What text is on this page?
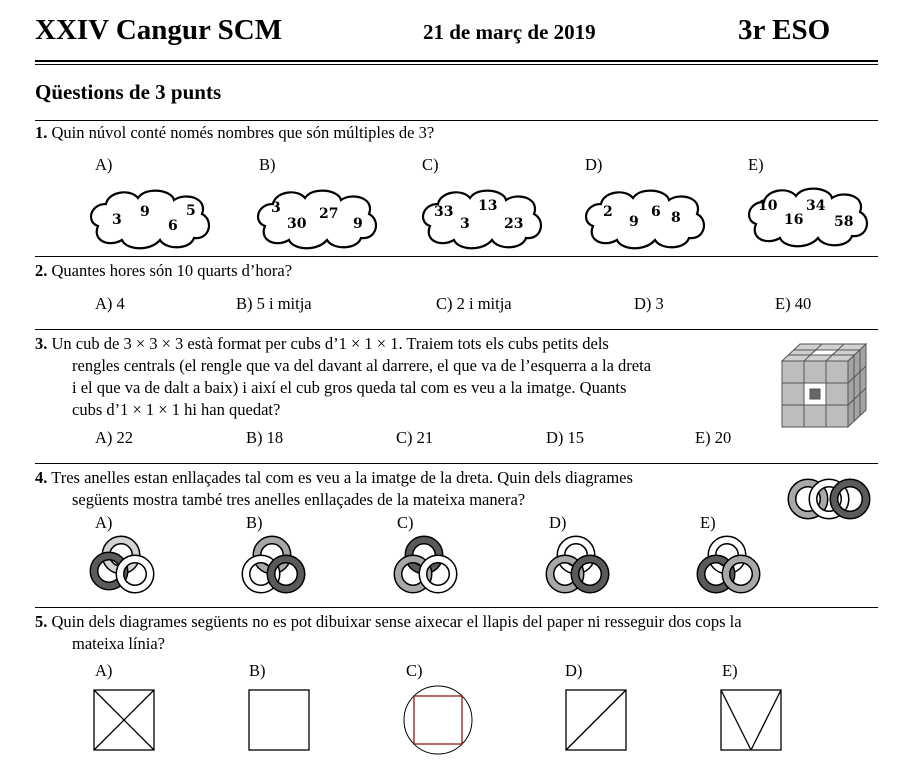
XXIV Cangur SCM	21 de març de 2019	3r ESO
Qüestions de 3 punts
1. Quin núvol conté només nombres que són múltiples de 3?
A)	B)	C)	D)	E)
3 9
6
5	3
30
27
9
33
3
13
23
2
9
6 8
10
16
34
58
2. Quantes hores són 10 quarts d’hora?
A) 4	B) 5 i mitja	C) 2 i mitja	D) 3	E) 40
3. Un cub de 3 × 3 × 3 està format per cubs d’1 × 1 × 1. Traiem tots els cubs petits dels
rengles centrals (el rengle que va del davant al darrere, el que va de l’esquerra a la dreta
i el que va de dalt a baix) i així el cub gros queda tal com es veu a la imatge. Quants
cubs d’1 × 1 × 1 hi han quedat?
A) 22	B) 18	C) 21	D) 15	E) 20
4. Tres anelles estan enllaçades tal com es veu a la imatge de la dreta. Quin dels diagrames
següents mostra també tres anelles enllaçades de la mateixa manera?
A)	B)	C)	D)	E)
5. Quin dels diagrames següents no es pot dibuixar sense aixecar el llapis del paper ni resseguir dos cops la
mateixa línia?
A)	B)	C)	D)	E)
